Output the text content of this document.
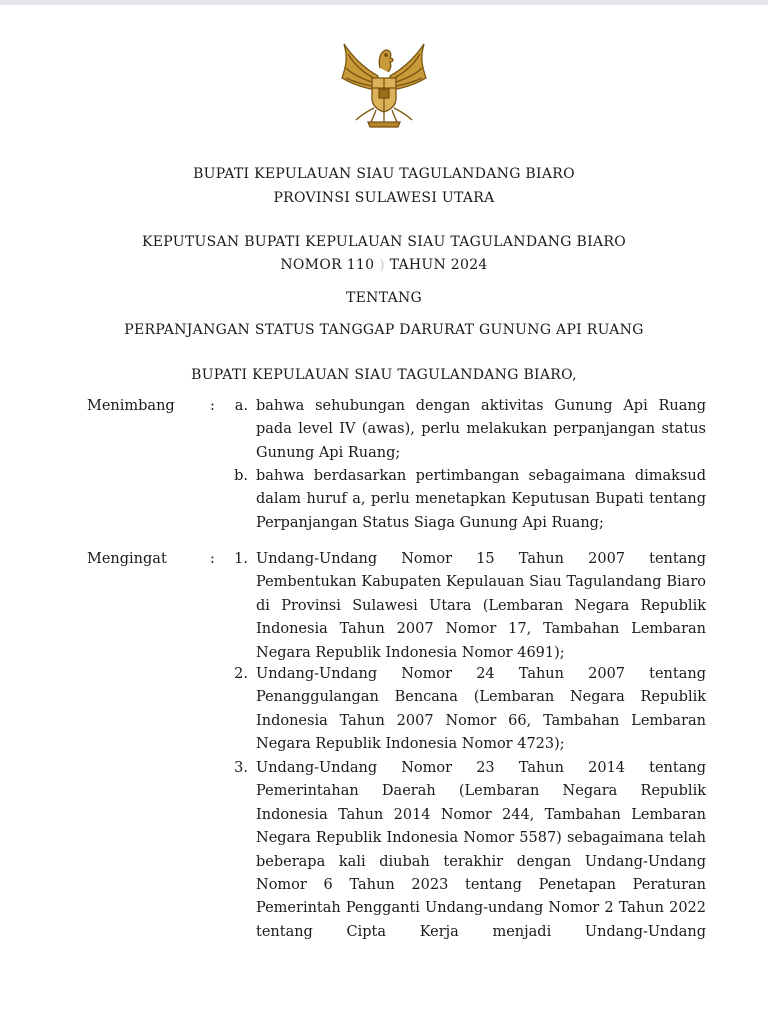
BUPATI KEPULAUAN SIAU TAGULANDANG BIARO
PROVINSI SULAWESI UTARA
KEPUTUSAN BUPATI KEPULAUAN SIAU TAGULANDANG BIARO
NOMOR 110 ) TAHUN 2024
TENTANG
PERPANJANGAN STATUS TANGGAP DARURAT GUNUNG API RUANG
BUPATI KEPULAUAN SIAU TAGULANDANG BIARO,
Menimbang :	a. bahwa sehubungan dengan aktivitas Gunung Api Ruang pada level IV (awas), perlu melakukan perpanjangan status Gunung Api Ruang;
b. bahwa berdasarkan pertimbangan sebagaimana dimaksud dalam huruf a, perlu menetapkan Keputusan Bupati tentang Perpanjangan Status Siaga Gunung Api Ruang;
Mengingat	:	1. Undang-Undang Nomor 15 Tahun 2007 tentang Pembentukan Kabupaten Kepulauan Siau Tagulandang Biaro di Provinsi Sulawesi Utara (Lembaran Negara Republik Indonesia Tahun 2007 Nomor 17, Tambahan Lembaran Negara Republik Indonesia Nomor 4691);
2. Undang-Undang Nomor 24 Tahun 2007 tentang Penanggulangan Bencana (Lembaran Negara Republik Indonesia Tahun 2007 Nomor 66, Tambahan Lembaran Negara Republik Indonesia Nomor 4723);
3. Undang-Undang Nomor 23 Tahun 2014 tentang Pemerintahan Daerah (Lembaran Negara Republik Indonesia Tahun 2014 Nomor 244, Tambahan Lembaran Negara Republik Indonesia Nomor 5587) sebagaimana telah beberapa kali diubah terakhir dengan Undang-Undang Nomor 6 Tahun 2023 tentang Penetapan Peraturan Pemerintah Pengganti Undang-undang Nomor 2 Tahun 2022 tentang Cipta Kerja menjadi Undang-Undang
